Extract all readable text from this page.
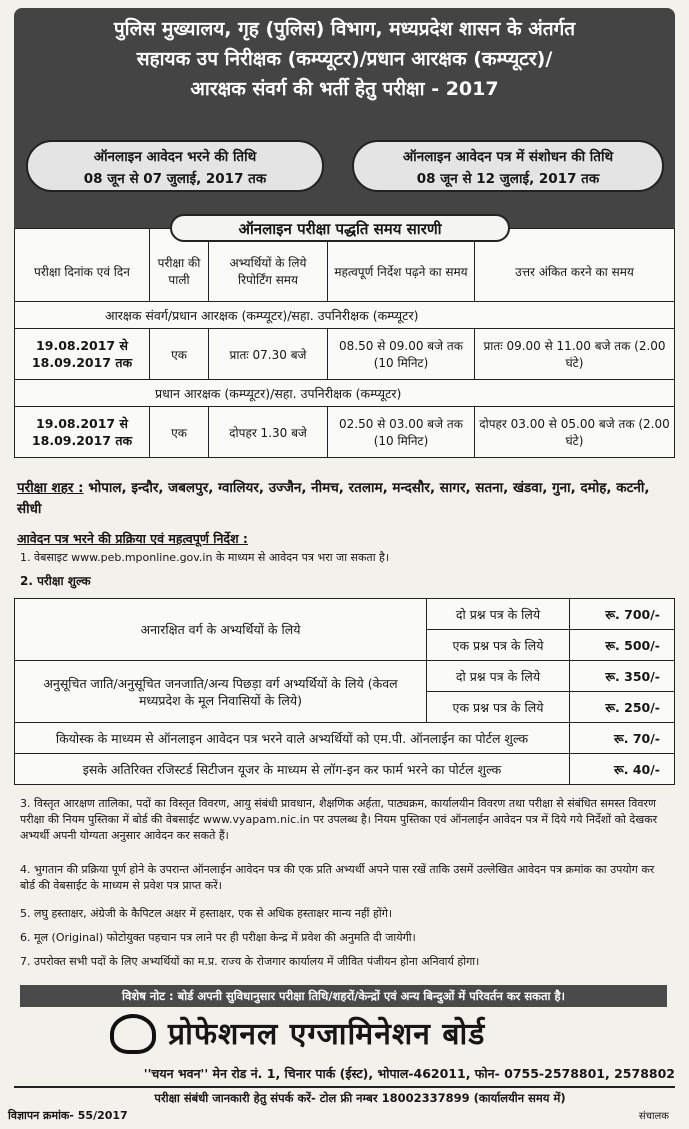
पुलिस मुख्यालय, गृह (पुलिस) विभाग, मध्यप्रदेश शासन के अंतर्गत
सहायक उप निरीक्षक (कम्प्यूटर)/प्रधान आरक्षक (कम्प्यूटर)/
आरक्षक संवर्ग की भर्ती हेतु परीक्षा - 2017
ऑनलाइन आवेदन भरने की तिथि
08 जून से 07 जुलाई, 2017 तक
ऑनलाइन आवेदन पत्र में संशोधन की तिथि
08 जून से 12 जुलाई, 2017 तक
परीक्षा दिनांक एवं दिन	परीक्षा की पाली	अभ्यर्थियों के लिये रिपोर्टिंग समय	महत्वपूर्ण निर्देश पढ़ने का समय	उत्तर अंकित करने का समय
आरक्षक संवर्ग/प्रधान आरक्षक (कम्प्यूटर)/सहा. उपनिरीक्षक (कम्प्यूटर)				
19.08.2017 से 18.09.2017 तक	एक	प्रातः 07.30 बजे	08.50 से 09.00 बजे तक (10 मिनिट)	प्रातः 09.00 से 11.00 बजे तक (2.00 घंटे)
प्रधान आरक्षक (कम्प्यूटर)/सहा. उपनिरीक्षक (कम्प्यूटर)				
19.08.2017 से 18.09.2017 तक	एक	दोपहर 1.30 बजे	02.50 से 03.00 बजे तक (10 मिनिट)	दोपहर 03.00 से 05.00 बजे तक (2.00 घंटे)
ऑनलाइन परीक्षा पद्धति समय सारणी
परीक्षा शहर : भोपाल, इन्दौर, जबलपुर, ग्वालियर, उज्जैन, नीमच, रतलाम, मन्दसौर, सागर, सतना, खंडवा, गुना, दमोह, कटनी, सीधी
आवेदन पत्र भरने की प्रक्रिया एवं महत्वपूर्ण निर्देश :
1. वेबसाइट www.peb.mponline.gov.in के माध्यम से आवेदन पत्र भरा जा सकता है।
2. परीक्षा शुल्क
अनारक्षित वर्ग के अभ्यर्थियों के लिये	दो प्रश्न पत्र के लिये	रू. 700/-
	एक प्रश्न पत्र के लिये	रू. 500/-
अनुसूचित जाति/अनुसूचित जनजाति/अन्य पिछड़ा वर्ग अभ्यर्थियों के लिये (केवल मध्यप्रदेश के मूल निवासियों के लिये)	दो प्रश्न पत्र के लिये	रू. 350/-
	एक प्रश्न पत्र के लिये	रू. 250/-
कियोस्क के माध्यम से ऑनलाइन आवेदन पत्र भरने वाले अभ्यर्थियों को एम.पी. ऑनलाईन का पोर्टल शुल्क		रू. 70/-
इसके अतिरिक्त रजिस्टर्ड सिटीजन यूजर के माध्यम से लॉग-इन कर फार्म भरने का पोर्टल शुल्क		रू. 40/-
3. विस्तृत आरक्षण तालिका, पदों का विस्तृत विवरण, आयु संबंधी प्रावधान, शैक्षणिक अर्हता, पाठ्यक्रम, कार्यालयीन विवरण तथा परीक्षा से संबंधित समस्त विवरण परीक्षा की नियम पुस्तिका में बोर्ड की वेबसाईट www.vyapam.nic.in पर उपलब्ध है। नियम पुस्तिका एवं ऑनलाईन आवेदन पत्र में दिये गये निर्देशों को देखकर अभ्यर्थी अपनी योग्यता अनुसार आवेदन कर सकते हैं।
4. भुगतान की प्रक्रिया पूर्ण होने के उपरान्त ऑनलाईन आवेदन पत्र की एक प्रति अभ्यर्थी अपने पास रखें ताकि उसमें उल्लेखित आवेदन पत्र क्रमांक का उपयोग कर बोर्ड की वेबसाईट के माध्यम से प्रवेश पत्र प्राप्त करें।
5. लघु हस्ताक्षर, अंग्रेजी के कैपिटल अक्षर में हस्ताक्षर, एक से अधिक हस्ताक्षर मान्य नहीं होंगे।
6. मूल (Original) फोटोयुक्त पहचान पत्र लाने पर ही परीक्षा केन्द्र में प्रवेश की अनुमति दी जायेगी।
7. उपरोक्त सभी पदों के लिए अभ्यर्थियों का म.प्र. राज्य के रोजगार कार्यालय में जीवित पंजीयन होना अनिवार्य होगा।
विशेष नोट : बोर्ड अपनी सुविधानुसार परीक्षा तिथि/शहरों/केन्द्रों एवं अन्य बिन्दुओं में परिवर्तन कर सकता है।
प्रोफेशनल एग्जामिनेशन बोर्ड
''चयन भवन'' मेन रोड नं. 1, चिनार पार्क (ईस्ट), भोपाल-462011, फोन- 0755-2578801, 2578802
परीक्षा संबंधी जानकारी हेतु संपर्क करें- टोल फ्री नम्बर 18002337899 (कार्यालयीन समय में)
विज्ञापन क्रमांक- 55/2017	संचालक
